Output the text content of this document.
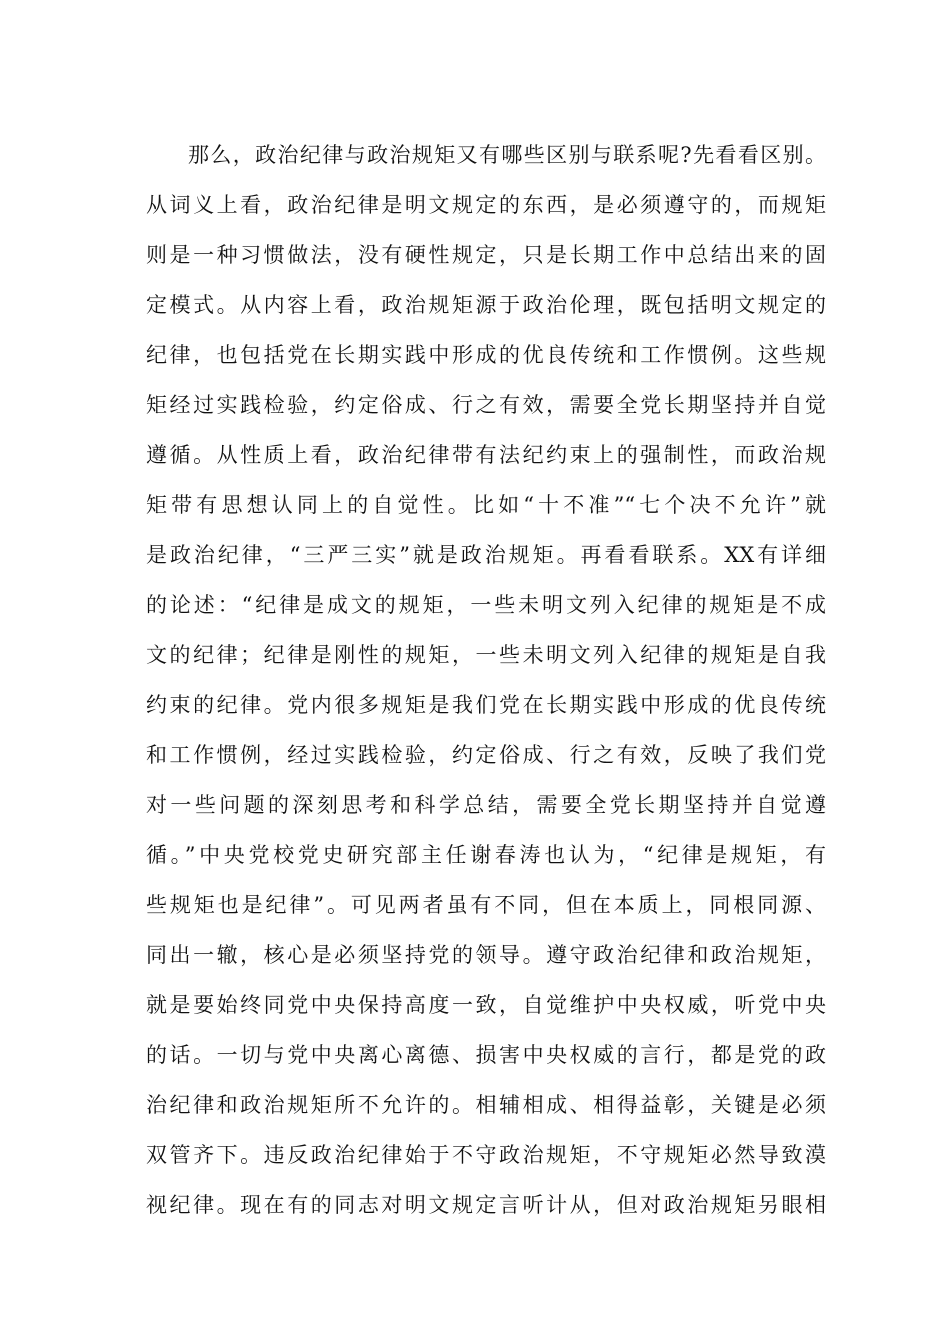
那么，政治纪律与政治规矩又有哪些区别与联系呢?先看看区别。
从词义上看，政治纪律是明文规定的东西，是必须遵守的，而规矩
则是一种习惯做法，没有硬性规定，只是长期工作中总结出来的固
定模式。从内容上看，政治规矩源于政治伦理，既包括明文规定的
纪律，也包括党在长期实践中形成的优良传统和工作惯例。这些规
矩经过实践检验，约定俗成、行之有效，需要全党长期坚持并自觉
遵循。从性质上看，政治纪律带有法纪约束上的强制性，而政治规
矩带有思想认同上的自觉性。比如“十不准”“七个决不允许”就
是政治纪律，“三严三实”就是政治规矩。再看看联系。XX有详细
的论述：“纪律是成文的规矩，一些未明文列入纪律的规矩是不成
文的纪律；纪律是刚性的规矩，一些未明文列入纪律的规矩是自我
约束的纪律。党内很多规矩是我们党在长期实践中形成的优良传统
和工作惯例，经过实践检验，约定俗成、行之有效，反映了我们党
对一些问题的深刻思考和科学总结，需要全党长期坚持并自觉遵
循。”中央党校党史研究部主任谢春涛也认为，“纪律是规矩，有
些规矩也是纪律”。可见两者虽有不同，但在本质上，同根同源、
同出一辙，核心是必须坚持党的领导。遵守政治纪律和政治规矩，
就是要始终同党中央保持高度一致，自觉维护中央权威，听党中央
的话。一切与党中央离心离德、损害中央权威的言行，都是党的政
治纪律和政治规矩所不允许的。相辅相成、相得益彰，关键是必须
双管齐下。违反政治纪律始于不守政治规矩，不守规矩必然导致漠
视纪律。现在有的同志对明文规定言听计从，但对政治规矩另眼相
